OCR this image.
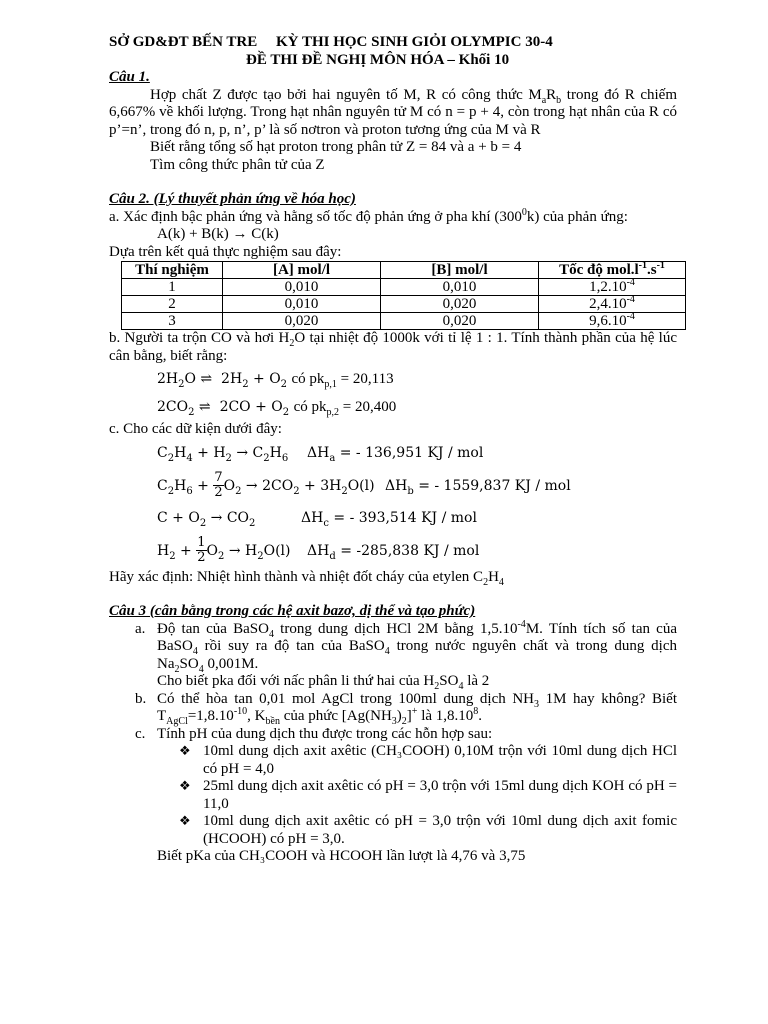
SỞ GD&ĐT BẾN TRE     KỲ THI HỌC SINH GIỎI OLYMPIC 30-4
ĐỀ THI ĐỀ NGHỊ MÔN HÓA – Khối 10
Câu 1.
Hợp chất Z được tạo bởi hai nguyên tố M, R có công thức $M_aR_b$ trong đó R chiếm 6,667% về khối lượng. Trong hạt nhân nguyên tử M có n = p + 4, còn trong hạt nhân của R có p’=n’, trong đó n, p, n’, p’ là số nơtron và proton tương ứng của M và R
Biết rằng tổng số hạt proton trong phân tử Z = 84 và a + b = 4
Tìm công thức phân tử của Z
Câu 2. (Lý thuyết phản ứng về hóa học)
a. Xác định bậc phản ứng và hằng số tốc độ phản ứng ở pha khí $(300^0k)$ của phản ứng:
A(k) + B(k) → C(k)
Dựa trên kết quả thực nghiệm sau đây:
Thí nghiệm	[A] mol/l	[B] mol/l	Tốc độ $mol.l^{-1}.s^{-1}$
1	0,010	0,010	$1,2.10^{-4}$
2	0,010	0,020	$2,4.10^{-4}$
3	0,020	0,020	$9,6.10^{-4}$
b. Người ta trộn CO và hơi $H_2O$ tại nhiệt độ 1000k với tỉ lệ 1 : 1. Tính thành phần của hệ lúc cân bằng, biết rằng:
$2H_2O$ ⇌  $2H_2 + O_2$ có $pk_{p,1} = 20,113$
$2CO_2$ ⇌  $2CO + O_2$ có $pk_{p,2} = 20,400$
c. Cho các dữ kiện dưới đây:
$C_2H_4 + H_2 \to C_2H_6$ $\Delta H_a$ = - 136,951 KJ / mol
$C_2H_6 + \frac{7}{2} O_2 \to 2CO_2 + 3H_2O(l) \Delta H_b$ = - 1559,837 KJ / mol
$C + O_2 \to CO_2$	$\Delta H_c$ = - 393,514 KJ / mol
$H_2 + \frac{1}{2} O_2 \to H_2O(l) \Delta H_d = -285,838$ KJ / mol
Hãy xác định: Nhiệt hình thành và nhiệt đốt cháy của etylen $C_2H_4$
Câu 3 (cân bằng trong các hệ axit bazơ, dị thể và tạo phức)
a. Độ tan của BaSO$_4$ trong dung dịch HCl 2M bằng $1,5.10^{-4}M$. Tính tích số tan của BaSO$_4$ rồi suy ra độ tan của BaSO$_4$ trong nước nguyên chất và trong dung dịch $Na_2SO_4$ 0,001M.
Cho biết pka đối với nấc phân li thứ hai của $H_2SO_4$ là 2
b. Có thể hòa tan 0,01 mol AgCl trong 100ml dung dịch $NH_3$ 1M hay không? Biết $T_{AgCl}=1,8.10^{-10}$, $K_{bền}$ của phức $[Ag(NH_3)_2]^+$ là 1,8.10$^8$.
c. Tính pH của dung dịch thu được trong các hỗn hợp sau:
❖ 10ml dung dịch axit axêtic (CH₃COOH) 0,10M trộn với 10ml dung dịch HCl có pH = 4,0
❖ 25ml dung dịch axit axêtic có pH = 3,0 trộn với 15ml dung dịch KOH có pH = 11,0
❖ 10ml dung dịch axit axêtic có pH = 3,0 trộn với 10ml dung dịch axit fomic (HCOOH) có pH = 3,0.
Biết pKa của CH₃COOH và HCOOH lần lượt là 4,76 và 3,75
